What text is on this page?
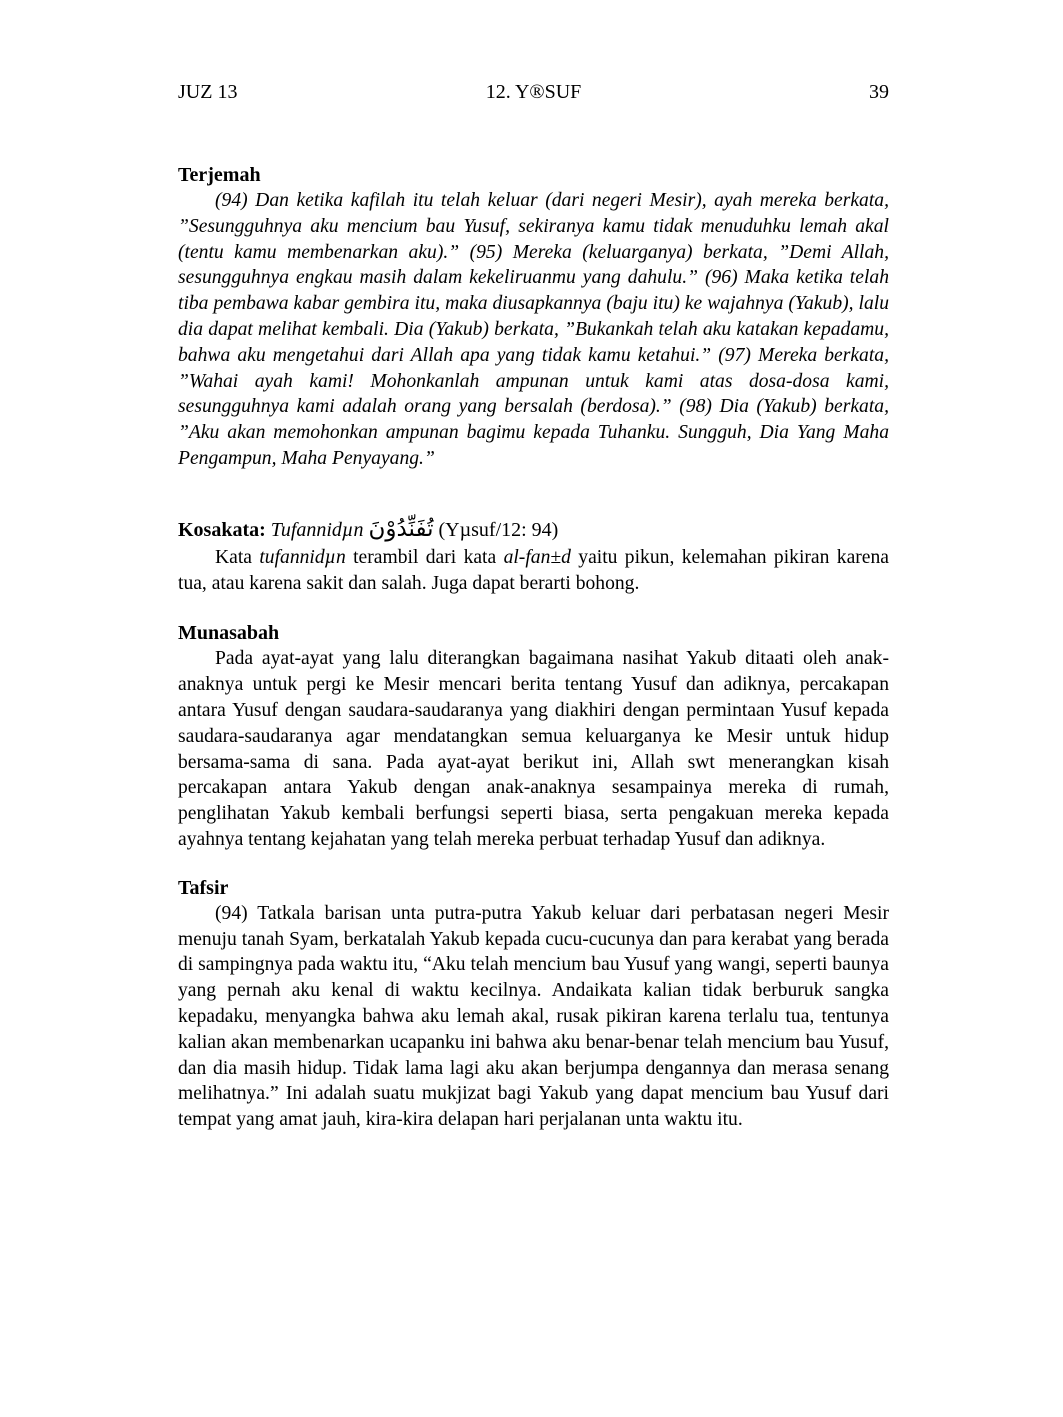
JUZ 13	12. Y®SUF	39
Terjemah

(94) Dan ketika kafilah itu telah keluar (dari negeri Mesir), ayah mereka berkata, ”Sesungguhnya aku mencium bau Yusuf, sekiranya kamu tidak menuduhku lemah akal (tentu kamu membenarkan aku).” (95) Mereka (keluarganya) berkata, ”Demi Allah, sesungguhnya engkau masih dalam kekeliruanmu yang dahulu.” (96) Maka ketika telah tiba pembawa kabar gembira itu, maka diusapkannya (baju itu) ke wajahnya (Yakub), lalu dia dapat melihat kembali. Dia (Yakub) berkata, ”Bukankah telah aku katakan kepadamu, bahwa aku mengetahui dari Allah apa yang tidak kamu ketahui.” (97) Mereka berkata, ”Wahai ayah kami! Mohonkanlah ampunan untuk kami atas dosa-dosa kami, sesungguhnya kami adalah orang yang bersalah (berdosa).” (98) Dia (Yakub) berkata, ”Aku akan memohonkan ampunan bagimu kepada Tuhanku. Sungguh, Dia Yang Maha Pengampun, Maha Penyayang.”

Kosakata: Tufannidµn تُفَنِّدُوْنَ (Yµsuf/12: 94)

Kata tufannidµn terambil dari kata al-fan±d yaitu pikun, kelemahan pikiran karena tua, atau karena sakit dan salah. Juga dapat berarti bohong.

Munasabah

Pada ayat-ayat yang lalu diterangkan bagaimana nasihat Yakub ditaati oleh anak-anaknya untuk pergi ke Mesir mencari berita tentang Yusuf dan adiknya, percakapan antara Yusuf dengan saudara-saudaranya yang diakhiri dengan permintaan Yusuf kepada saudara-saudaranya agar mendatangkan semua keluarganya ke Mesir untuk hidup bersama-sama di sana. Pada ayat-ayat berikut ini, Allah swt menerangkan kisah percakapan antara Yakub dengan anak-anaknya sesampainya mereka di rumah, penglihatan Yakub kembali berfungsi seperti biasa, serta pengakuan mereka kepada ayahnya tentang kejahatan yang telah mereka perbuat terhadap Yusuf dan adiknya.

Tafsir

(94) Tatkala barisan unta putra-putra Yakub keluar dari perbatasan negeri Mesir menuju tanah Syam, berkatalah Yakub kepada cucu-cucunya dan para kerabat yang berada di sampingnya pada waktu itu, “Aku telah mencium bau Yusuf yang wangi, seperti baunya yang pernah aku kenal di waktu kecilnya. Andaikata kalian tidak berburuk sangka kepadaku, menyangka bahwa aku lemah akal, rusak pikiran karena terlalu tua, tentunya kalian akan membenarkan ucapanku ini bahwa aku benar-benar telah mencium bau Yusuf, dan dia masih hidup. Tidak lama lagi aku akan berjumpa dengannya dan merasa senang melihatnya.” Ini adalah suatu mukjizat bagi Yakub yang dapat mencium bau Yusuf dari tempat yang amat jauh, kira-kira delapan hari perjalanan unta waktu itu.
